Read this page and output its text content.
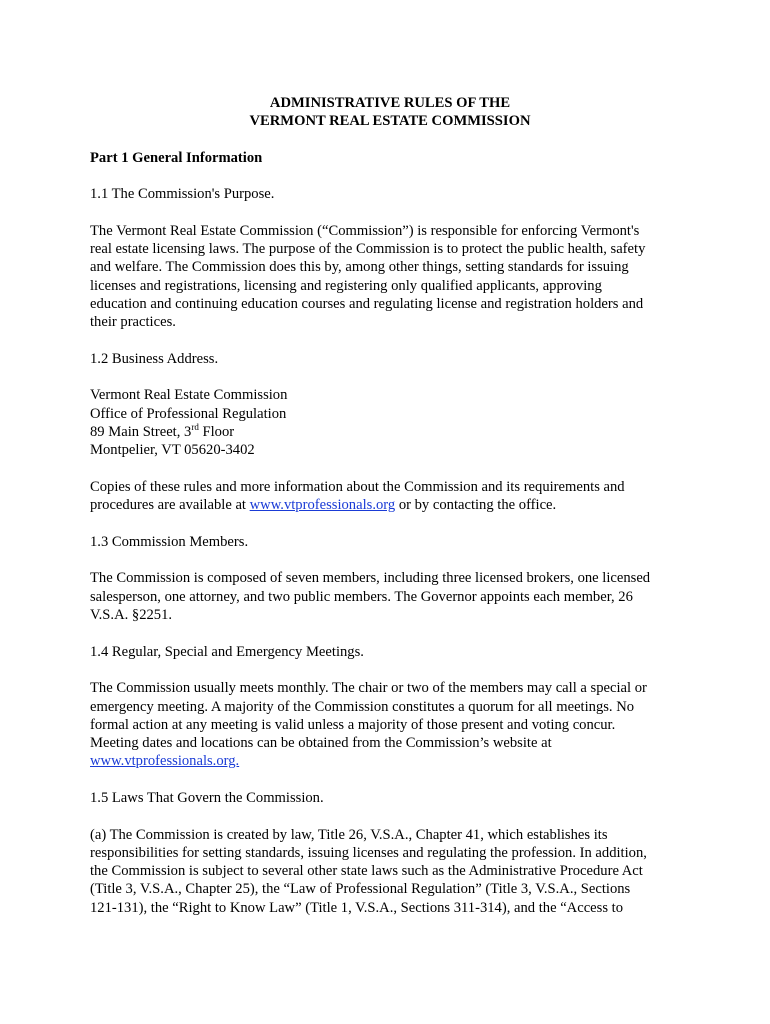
ADMINISTRATIVE RULES OF THE
VERMONT REAL ESTATE COMMISSION

Part 1 General Information

1.1 The Commission's Purpose.

The Vermont Real Estate Commission (“Commission”) is responsible for enforcing Vermont's
real estate licensing laws. The purpose of the Commission is to protect the public health, safety
and welfare. The Commission does this by, among other things, setting standards for issuing
licenses and registrations, licensing and registering only qualified applicants, approving
education and continuing education courses and regulating license and registration holders and
their practices.

1.2 Business Address.

Vermont Real Estate Commission
Office of Professional Regulation
89 Main Street, 3rd Floor
Montpelier, VT 05620-3402

Copies of these rules and more information about the Commission and its requirements and
procedures are available at www.vtprofessionals.org or by contacting the office.

1.3 Commission Members.

The Commission is composed of seven members, including three licensed brokers, one licensed
salesperson, one attorney, and two public members. The Governor appoints each member, 26
V.S.A. §2251.

1.4 Regular, Special and Emergency Meetings.

The Commission usually meets monthly. The chair or two of the members may call a special or
emergency meeting. A majority of the Commission constitutes a quorum for all meetings. No
formal action at any meeting is valid unless a majority of those present and voting concur.
Meeting dates and locations can be obtained from the Commission’s website at
www.vtprofessionals.org.

1.5 Laws That Govern the Commission.

(a) The Commission is created by law, Title 26, V.S.A., Chapter 41, which establishes its
responsibilities for setting standards, issuing licenses and regulating the profession. In addition,
the Commission is subject to several other state laws such as the Administrative Procedure Act
(Title 3, V.S.A., Chapter 25), the “Law of Professional Regulation” (Title 3, V.S.A., Sections
121-131), the “Right to Know Law” (Title 1, V.S.A., Sections 311-314), and the “Access to
